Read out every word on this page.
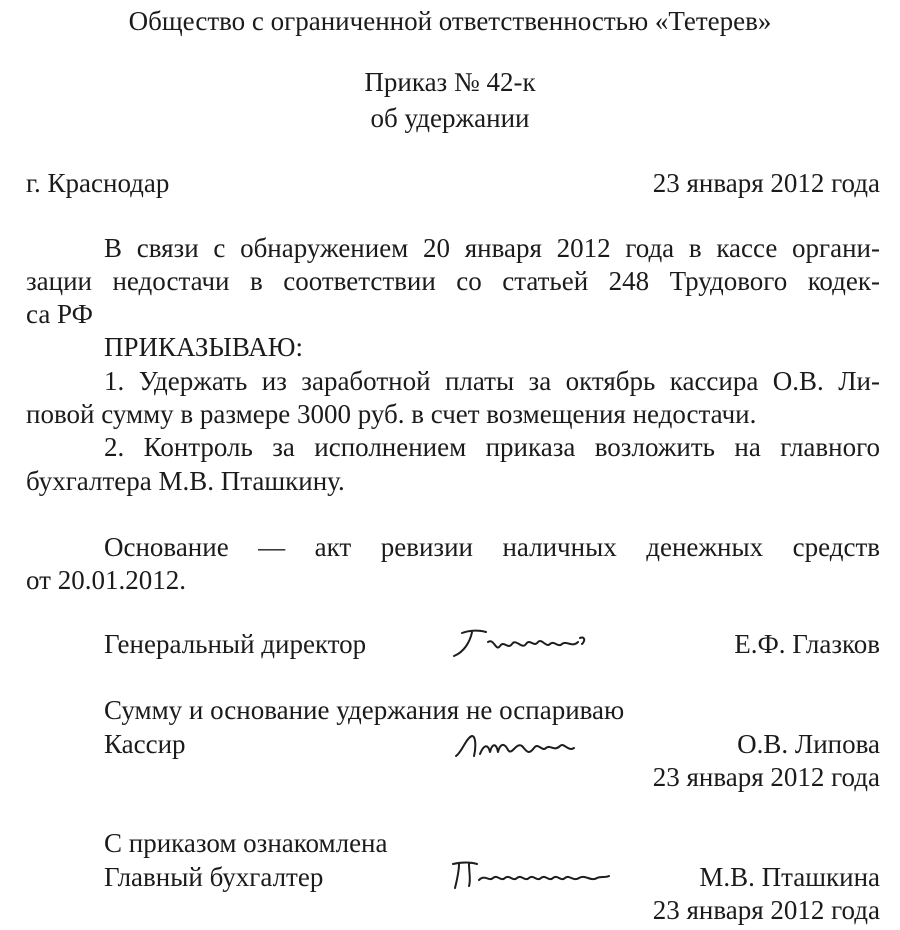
Общество с ограниченной ответственностью «Тетерев»
Приказ № 42-к
об удержании
г. Краснодар	23 января 2012 года
В связи с обнаружением 20 января 2012 года в кассе органи-
зации недостачи в соответствии со статьей 248 Трудового кодек-
са РФ
ПРИКАЗЫВАЮ:
1. Удержать из заработной платы за октябрь кассира О.В. Ли-
повой сумму в размере 3000 руб. в счет возмещения недостачи.
2. Контроль за исполнением приказа возложить на главного
бухгалтера М.В. Пташкину.
Основание — акт ревизии наличных денежных средств
от 20.01.2012.
Генеральный директор	Е.Ф. Глазков
Сумму и основание удержания не оспариваю
Кассир	О.В. Липова
23 января 2012 года
С приказом ознакомлена
Главный бухгалтер	М.В. Пташкина
23 января 2012 года
